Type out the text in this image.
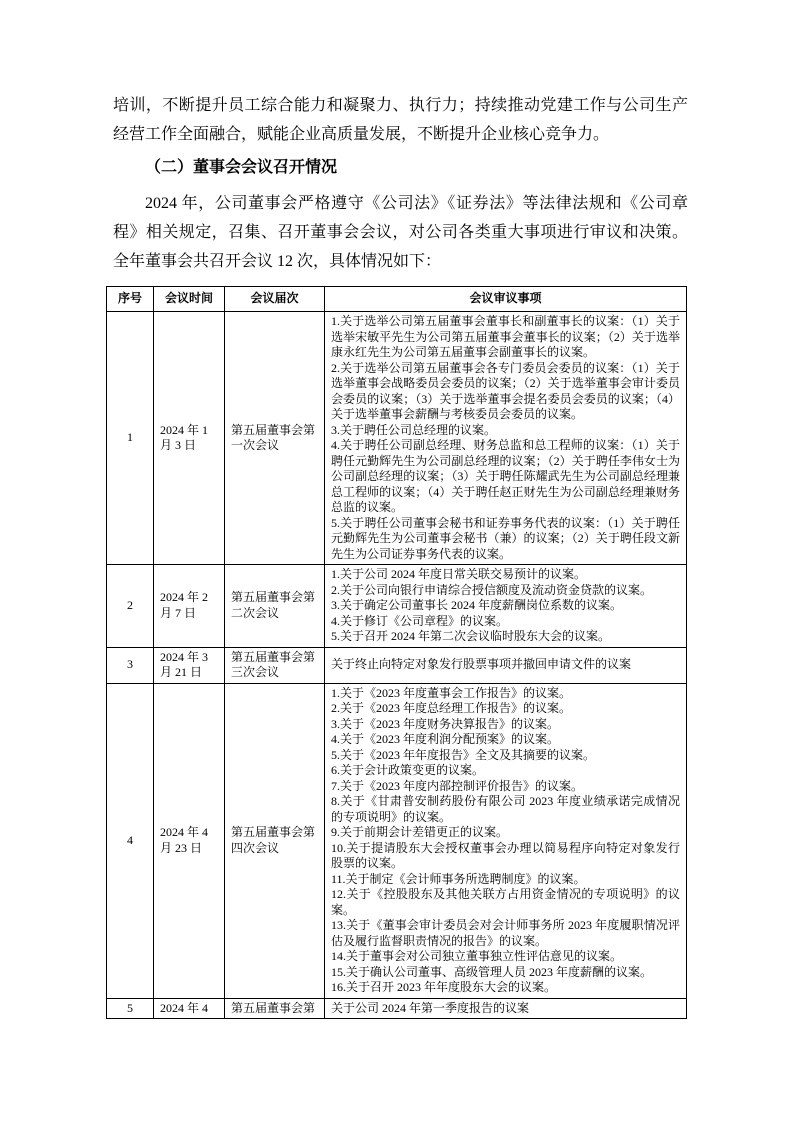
培训，不断提升员工综合能力和凝聚力、执行力；持续推动党建工作与公司生产经营工作全面融合，赋能企业高质量发展，不断提升企业核心竞争力。

（二）董事会会议召开情况

2024 年，公司董事会严格遵守《公司法》《证券法》等法律法规和《公司章程》相关规定，召集、召开董事会会议，对公司各类重大事项进行审议和决策。全年董事会共召开会议 12 次，具体情况如下：

序号	会议时间	会议届次	会议审议事项
1	2024 年 1 月 3 日	第五届董事会第一次会议	1.关于选举公司第五届董事会董事长和副董事长的议案：（1）关于选举宋敏平先生为公司第五届董事会董事长的议案；（2）关于选举康永红先生为公司第五届董事会副董事长的议案。
2.关于选举公司第五届董事会各专门委员会委员的议案：（1）关于选举董事会战略委员会委员的议案；（2）关于选举董事会审计委员会委员的议案；（3）关于选举董事会提名委员会委员的议案；（4）关于选举董事会薪酬与考核委员会委员的议案。
3.关于聘任公司总经理的议案。
4.关于聘任公司副总经理、财务总监和总工程师的议案：（1）关于聘任元勤辉先生为公司副总经理的议案；（2）关于聘任李伟女士为公司副总经理的议案；（3）关于聘任陈耀武先生为公司副总经理兼总工程师的议案；（4）关于聘任赵正财先生为公司副总经理兼财务总监的议案。
5.关于聘任公司董事会秘书和证券事务代表的议案：（1）关于聘任元勤辉先生为公司董事会秘书（兼）的议案；（2）关于聘任段文新先生为公司证券事务代表的议案。

2	2024 年 2 月 7 日	第五届董事会第二次会议	1.关于公司 2024 年度日常关联交易预计的议案。
2.关于公司向银行申请综合授信额度及流动资金贷款的议案。
3.关于确定公司董事长 2024 年度薪酬岗位系数的议案。
4.关于修订《公司章程》的议案。
5.关于召开 2024 年第二次会议临时股东大会的议案。

3	2024 年 3 月 21 日	第五届董事会第三次会议	关于终止向特定对象发行股票事项并撤回申请文件的议案

4	2024 年 4 月 23 日	第五届董事会第四次会议	
1.关于《2023 年度董事会工作报告》的议案。
2.关于《2023 年度总经理工作报告》的议案。
3.关于《2023 年度财务决算报告》的议案。
4.关于《2023 年度利润分配预案》的议案。
5.关于《2023 年年度报告》全文及其摘要的议案。
6.关于会计政策变更的议案。
7.关于《2023 年度内部控制评价报告》的议案。
8.关于《甘肃普安制药股份有限公司 2023 年度业绩承诺完成情况的专项说明》的议案。
9.关于前期会计差错更正的议案。
10.关于提请股东大会授权董事会办理以简易程序向特定对象发行股票的议案。
11.关于制定《会计师事务所选聘制度》的议案。
12.关于《控股股东及其他关联方占用资金情况的专项说明》的议案。
13.关于《董事会审计委员会对会计师事务所 2023 年度履职情况评估及履行监督职责情况的报告》的议案。
14.关于董事会对公司独立董事独立性评估意见的议案。
15.关于确认公司董事、高级管理人员 2023 年度薪酬的议案。
16.关于召开 2023 年年度股东大会的议案。

5	2024 年 4	第五届董事会第	关于公司 2024 年第一季度报告的议案
